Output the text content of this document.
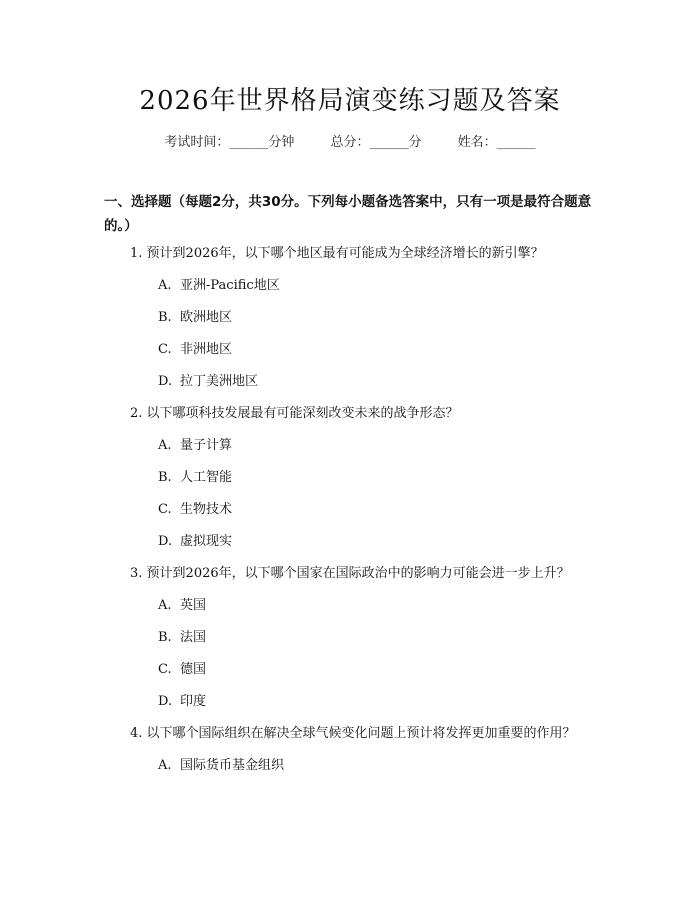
2026年世界格局演变练习题及答案
考试时间：______分钟	总分：______分	姓名：______
一、选择题（每题2分，共30分。下列每小题备选答案中，只有一项是最符合题意的。）

1. 预计到2026年，以下哪个地区最有可能成为全球经济增长的新引擎？

A. 亚洲-Pacific地区
B. 欧洲地区
C. 非洲地区
D. 拉丁美洲地区

2. 以下哪项科技发展最有可能深刻改变未来的战争形态？

A. 量子计算
B. 人工智能
C. 生物技术
D. 虚拟现实

3. 预计到2026年，以下哪个国家在国际政治中的影响力可能会进一步上升？

A. 英国
B. 法国
C. 德国
D. 印度

4. 以下哪个国际组织在解决全球气候变化问题上预计将发挥更加重要的作用？

A. 国际货币基金组织
